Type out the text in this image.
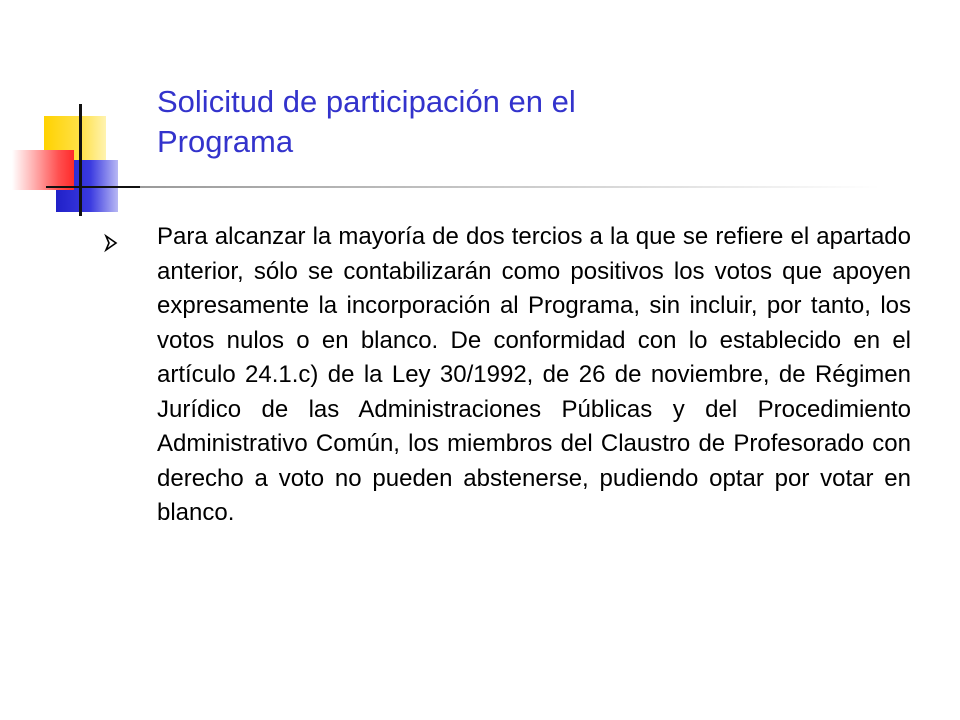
Solicitud de participación en el
Programa

Para alcanzar la mayoría de dos tercios a la que se refiere el apartado anterior, sólo se contabilizarán como positivos los votos que apoyen expresamente la incorporación al Programa, sin incluir, por tanto, los votos nulos o en blanco. De conformidad con lo establecido en el artículo 24.1.c) de la Ley 30/1992, de 26 de noviembre, de Régimen Jurídico de las Administraciones Públicas y del Procedimiento Administrativo Común, los miembros del Claustro de Profesorado con derecho a voto no pueden abstenerse, pudiendo optar por votar en blanco.
